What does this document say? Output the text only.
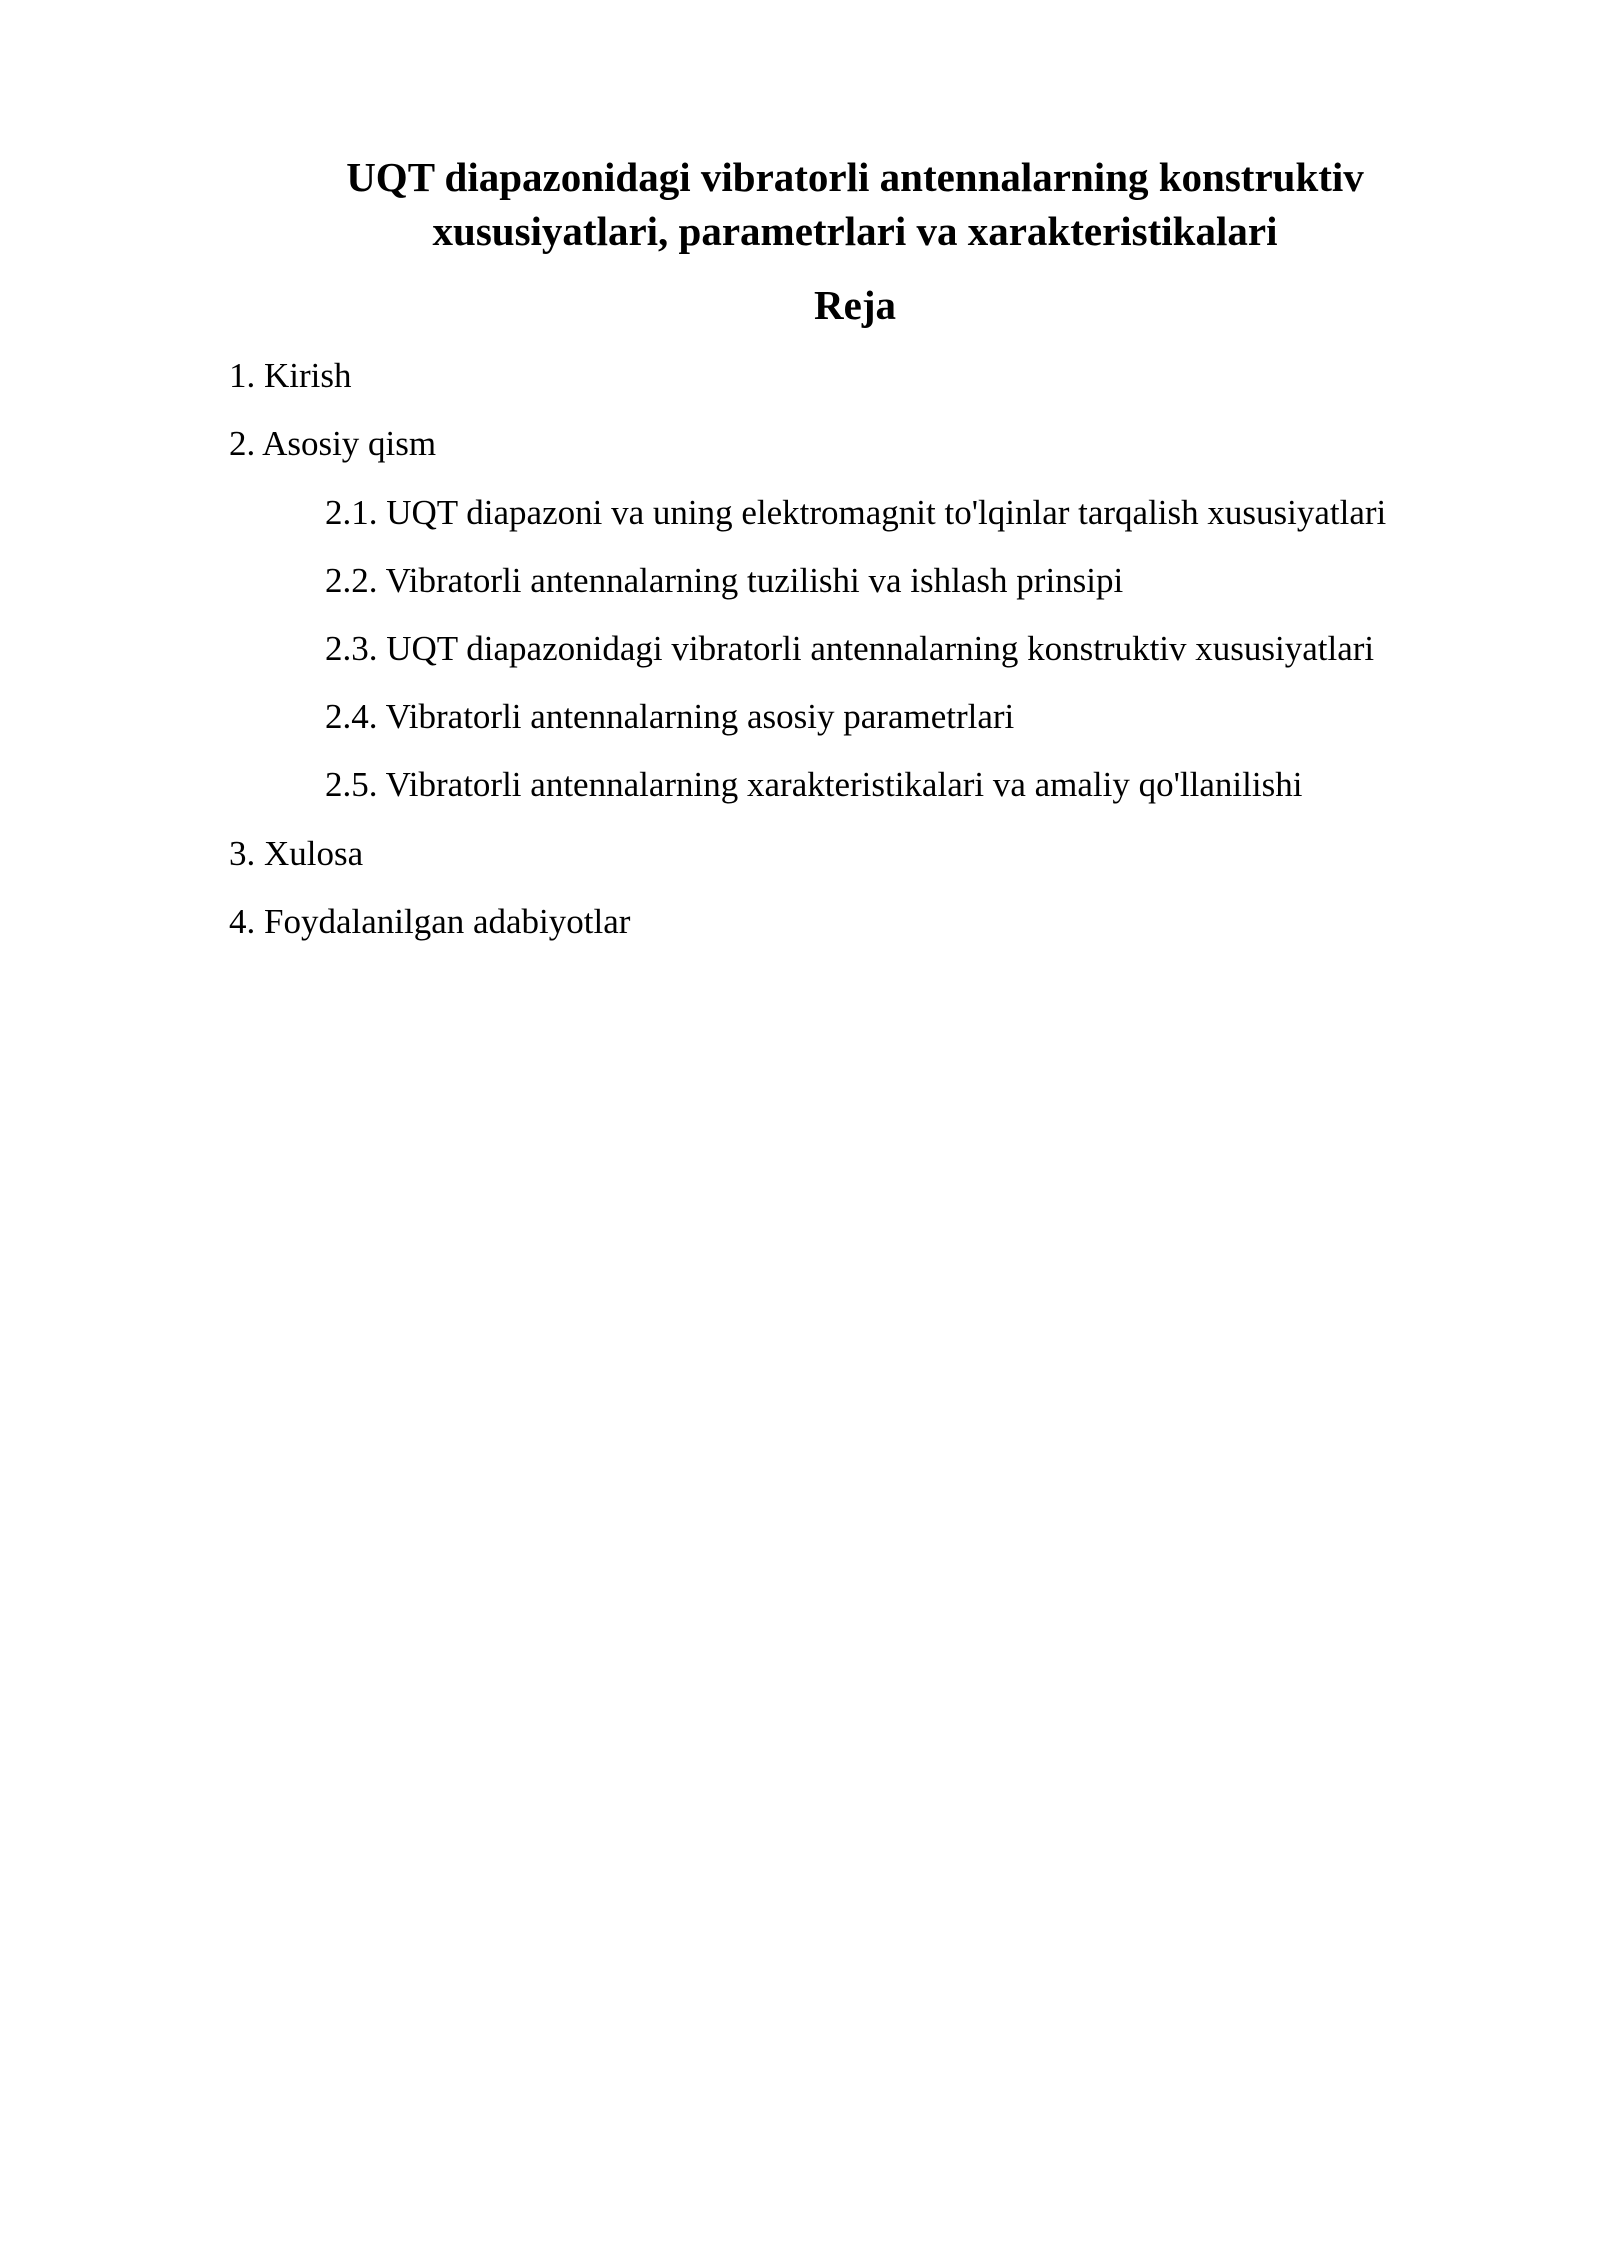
UQT diapazonidagi vibratorli antennalarning konstruktiv
xususiyatlari, parametrlari va xarakteristikalari
Reja
1. Kirish
2. Asosiy qism
2.1. UQT diapazoni va uning elektromagnit to'lqinlar tarqalish xususiyatlari
2.2. Vibratorli antennalarning tuzilishi va ishlash prinsipi
2.3. UQT diapazonidagi vibratorli antennalarning konstruktiv xususiyatlari
2.4. Vibratorli antennalarning asosiy parametrlari
2.5. Vibratorli antennalarning xarakteristikalari va amaliy qo'llanilishi
3. Xulosa
4. Foydalanilgan adabiyotlar
